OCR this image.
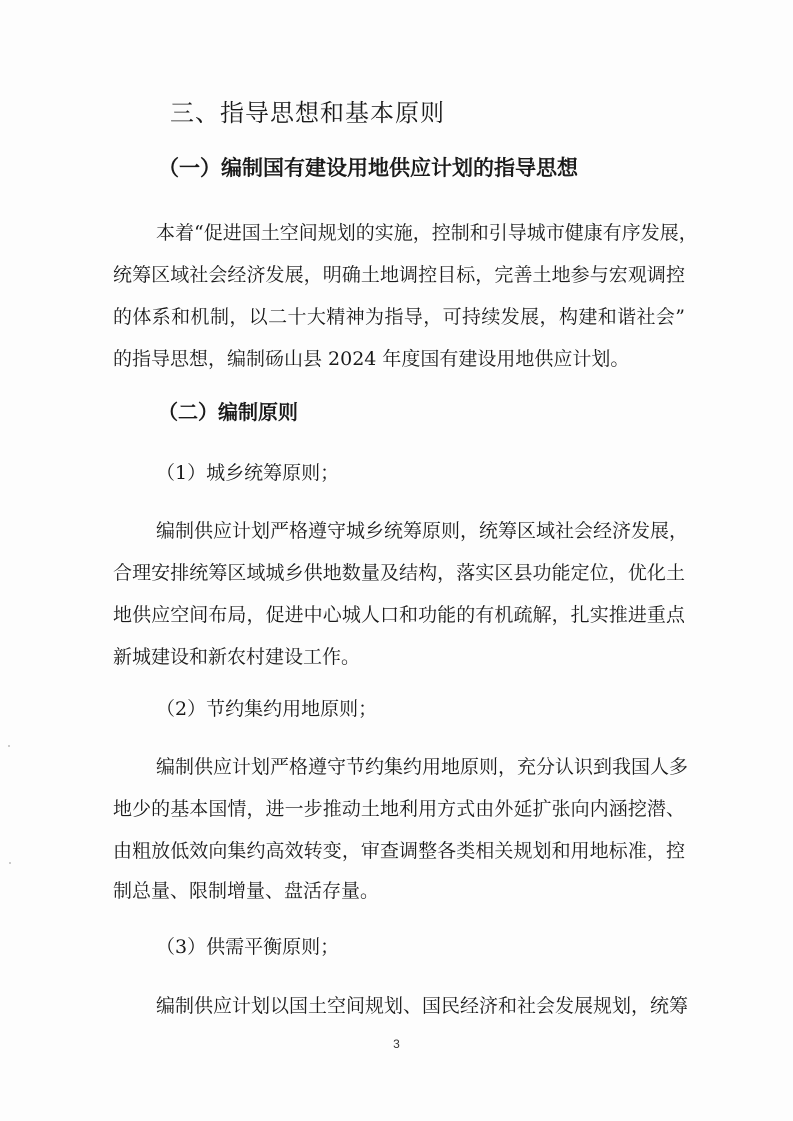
三、指导思想和基本原则
（一）编制国有建设用地供应计划的指导思想
本着“促进国土空间规划的实施，控制和引导城市健康有序发展，
统筹区域社会经济发展，明确土地调控目标，完善土地参与宏观调控
的体系和机制，以二十大精神为指导，可持续发展，构建和谐社会”
的指导思想，编制砀山县 2024 年度国有建设用地供应计划。
（二）编制原则
（1）城乡统筹原则；
编制供应计划严格遵守城乡统筹原则，统筹区域社会经济发展，
合理安排统筹区域城乡供地数量及结构，落实区县功能定位，优化土
地供应空间布局，促进中心城人口和功能的有机疏解，扎实推进重点
新城建设和新农村建设工作。
（2）节约集约用地原则；
编制供应计划严格遵守节约集约用地原则，充分认识到我国人多
地少的基本国情，进一步推动土地利用方式由外延扩张向内涵挖潜、
由粗放低效向集约高效转变，审查调整各类相关规划和用地标准，控
制总量、限制增量、盘活存量。
（3）供需平衡原则；
编制供应计划以国土空间规划、国民经济和社会发展规划，统筹
3
